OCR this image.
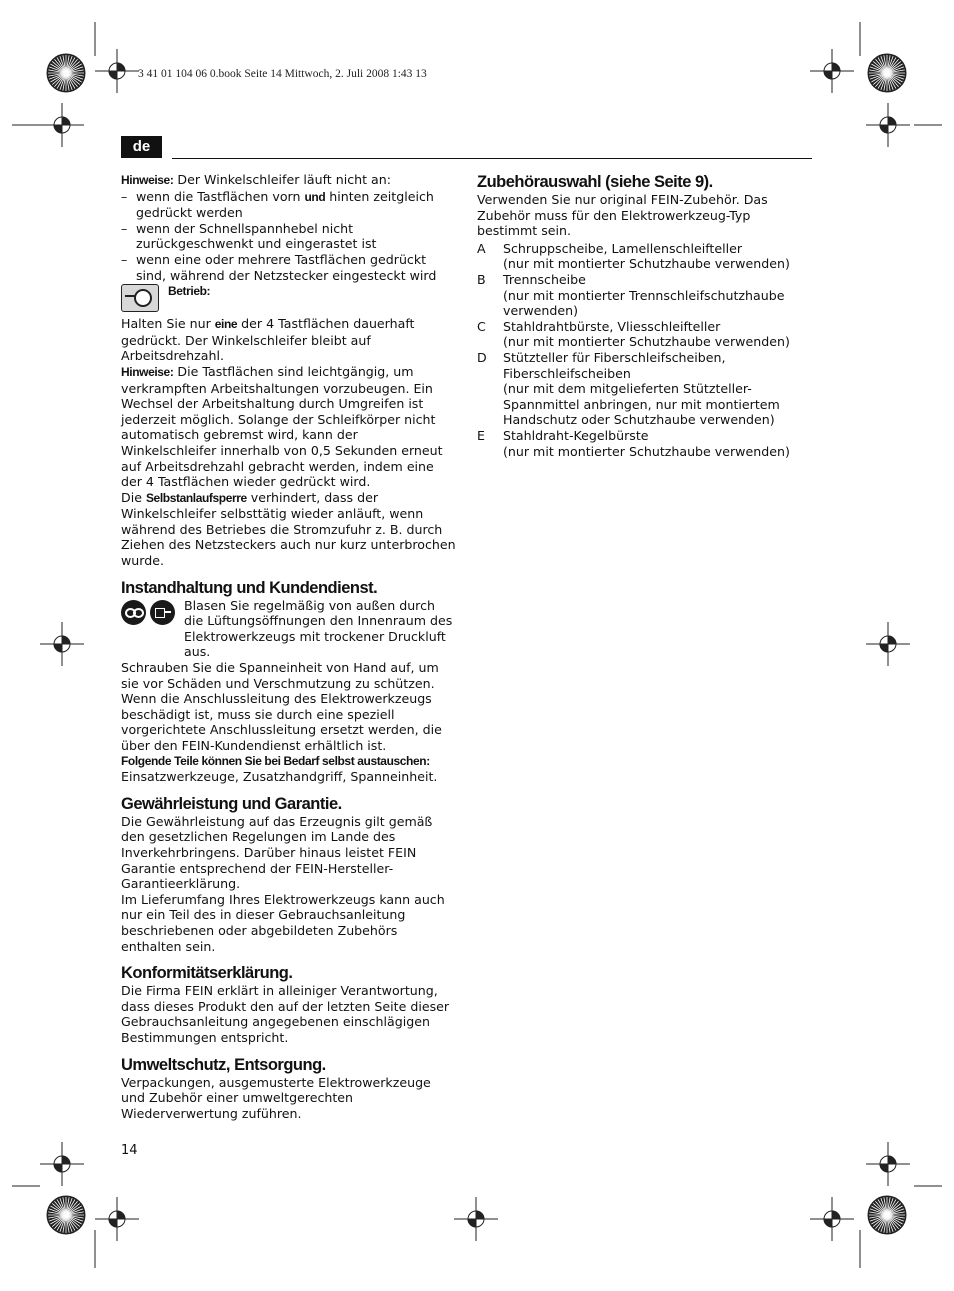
3 41 01 104 06 0.book Seite 14 Mittwoch, 2. Juli 2008 1:43 13
de

Hinweise: Der Winkelschleifer läuft nicht an:

– wenn die Tastflächen vorn und hinten zeitgleich gedrückt werden
– wenn der Schnellspannhebel nicht zurückgeschwenkt und eingerastet ist
– wenn eine oder mehrere Tastflächen gedrückt sind, während der Netzstecker eingesteckt wird
Betrieb:

Halten Sie nur eine der 4 Tastflächen dauerhaft gedrückt. Der Winkelschleifer bleibt auf Arbeitsdrehzahl.

Hinweise: Die Tastflächen sind leichtgängig, um verkrampften Arbeitshaltungen vorzubeugen. Ein Wechsel der Arbeitshaltung durch Umgreifen ist jederzeit möglich. Solange der Schleifkörper nicht automatisch gebremst wird, kann der Winkelschleifer innerhalb von 0,5 Sekunden erneut auf Arbeitsdrehzahl gebracht werden, indem eine der 4 Tastflächen wieder gedrückt wird.

Die Selbstanlaufsperre verhindert, dass der Winkelschleifer selbsttätig wieder anläuft, wenn während des Betriebes die Stromzufuhr z. B. durch Ziehen des Netzsteckers auch nur kurz unterbrochen wurde.

Instandhaltung und Kundendienst.

Blasen Sie regelmäßig von außen durch die Lüftungsöffnungen den Innenraum des Elektrowerkzeugs mit trockener Druckluft aus.

Schrauben Sie die Spanneinheit von Hand auf, um sie vor Schäden und Verschmutzung zu schützen.

Wenn die Anschlussleitung des Elektrowerkzeugs beschädigt ist, muss sie durch eine speziell vorgerichtete Anschlussleitung ersetzt werden, die über den FEIN-Kundendienst erhältlich ist.

Folgende Teile können Sie bei Bedarf selbst austauschen:

Einsatzwerkzeuge, Zusatzhandgriff, Spanneinheit.

Gewährleistung und Garantie.

Die Gewährleistung auf das Erzeugnis gilt gemäß den gesetzlichen Regelungen im Lande des Inverkehrbringens. Darüber hinaus leistet FEIN Garantie entsprechend der FEIN-Hersteller-Garantieerklärung.

Im Lieferumfang Ihres Elektrowerkzeugs kann auch nur ein Teil des in dieser Gebrauchsanleitung beschriebenen oder abgebildeten Zubehörs enthalten sein.

Konformitätserklärung.

Die Firma FEIN erklärt in alleiniger Verantwortung, dass dieses Produkt den auf der letzten Seite dieser Gebrauchsanleitung angegebenen einschlägigen Bestimmungen entspricht.

Umweltschutz, Entsorgung.

Verpackungen, ausgemusterte Elektrowerkzeuge und Zubehör einer umweltgerechten Wiederverwertung zuführen.

Zubehörauswahl (siehe Seite 9).

Verwenden Sie nur original FEIN-Zubehör. Das Zubehör muss für den Elektrowerkzeug-Typ bestimmt sein.

A	Schruppscheibe, Lamellenschleifteller
(nur mit montierter Schutzhaube verwenden)
B	Trennscheibe
(nur mit montierter Trennschleifschutzhaube verwenden)
C	Stahldrahtbürste, Vliesschleifteller
(nur mit montierter Schutzhaube verwenden)
D	Stützteller für Fiberschleifscheiben, Fiberschleifscheiben
(nur mit dem mitgelieferten Stützteller-Spannmittel anbringen, nur mit montiertem Handschutz oder Schutzhaube verwenden)
E	Stahldraht-Kegelbürste
(nur mit montierter Schutzhaube verwenden)
14
